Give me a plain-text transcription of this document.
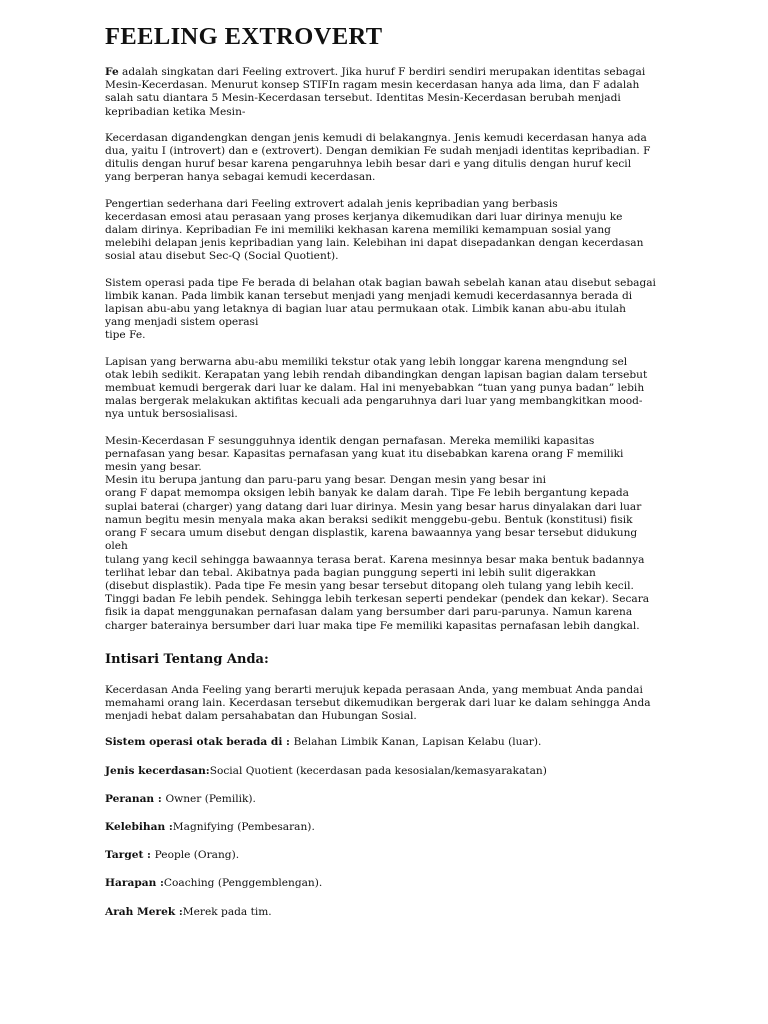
FEELING EXTROVERT
Fe adalah singkatan dari Feeling extrovert. Jika huruf F berdiri sendiri merupakan identitas sebagai
Mesin-Kecerdasan. Menurut konsep STIFIn ragam mesin kecerdasan hanya ada lima, dan F adalah
salah satu diantara 5 Mesin-Kecerdasan tersebut. Identitas Mesin-Kecerdasan berubah menjadi
kepribadian ketika Mesin-
Kecerdasan digandengkan dengan jenis kemudi di belakangnya. Jenis kemudi kecerdasan hanya ada
dua, yaitu I (introvert) dan e (extrovert). Dengan demikian Fe sudah menjadi identitas kepribadian. F
ditulis dengan huruf besar karena pengaruhnya lebih besar dari e yang ditulis dengan huruf kecil
yang berperan hanya sebagai kemudi kecerdasan.
Pengertian sederhana dari Feeling extrovert adalah jenis kepribadian yang berbasis
kecerdasan emosi atau perasaan yang proses kerjanya dikemudikan dari luar dirinya menuju ke
dalam dirinya. Kepribadian Fe ini memiliki kekhasan karena memiliki kemampuan sosial yang
melebihi delapan jenis kepribadian yang lain. Kelebihan ini dapat disepadankan dengan kecerdasan
sosial atau disebut Sec-Q (Social Quotient).
Sistem operasi pada tipe Fe berada di belahan otak bagian bawah sebelah kanan atau disebut sebagai
limbik kanan. Pada limbik kanan tersebut menjadi yang menjadi kemudi kecerdasannya berada di
lapisan abu-abu yang letaknya di bagian luar atau permukaan otak. Limbik kanan abu-abu itulah
yang menjadi sistem operasi
tipe Fe.
Lapisan yang berwarna abu-abu memiliki tekstur otak yang lebih longgar karena mengndung sel
otak lebih sedikit. Kerapatan yang lebih rendah dibandingkan dengan lapisan bagian dalam tersebut
membuat kemudi bergerak dari luar ke dalam. Hal ini menyebabkan “tuan yang punya badan” lebih
malas bergerak melakukan aktifitas kecuali ada pengaruhnya dari luar yang membangkitkan mood-
nya untuk bersosialisasi.
Mesin-Kecerdasan F sesungguhnya identik dengan pernafasan. Mereka memiliki kapasitas
pernafasan yang besar. Kapasitas pernafasan yang kuat itu disebabkan karena orang F memiliki
mesin yang besar.
Mesin itu berupa jantung dan paru-paru yang besar. Dengan mesin yang besar ini
orang F dapat memompa oksigen lebih banyak ke dalam darah. Tipe Fe lebih bergantung kepada
suplai baterai (charger) yang datang dari luar dirinya. Mesin yang besar harus dinyalakan dari luar
namun begitu mesin menyala maka akan beraksi sedikit menggebu-gebu. Bentuk (konstitusi) fisik
orang F secara umum disebut dengan displastik, karena bawaannya yang besar tersebut didukung
oleh
tulang yang kecil sehingga bawaannya terasa berat. Karena mesinnya besar maka bentuk badannya
terlihat lebar dan tebal. Akibatnya pada bagian punggung seperti ini lebih sulit digerakkan
(disebut displastik). Pada tipe Fe mesin yang besar tersebut ditopang oleh tulang yang lebih kecil.
Tinggi badan Fe lebih pendek. Sehingga lebih terkesan seperti pendekar (pendek dan kekar). Secara
fisik ia dapat menggunakan pernafasan dalam yang bersumber dari paru-parunya. Namun karena
charger baterainya bersumber dari luar maka tipe Fe memiliki kapasitas pernafasan lebih dangkal.
Intisari Tentang Anda:
Kecerdasan Anda Feeling yang berarti merujuk kepada perasaan Anda, yang membuat Anda pandai
memahami orang lain. Kecerdasan tersebut dikemudikan bergerak dari luar ke dalam sehingga Anda
menjadi hebat dalam persahabatan dan Hubungan Sosial.
Sistem operasi otak berada di : Belahan Limbik Kanan, Lapisan Kelabu (luar).
Jenis kecerdasan:Social Quotient (kecerdasan pada kesosialan/kemasyarakatan)
Peranan : Owner (Pemilik).
Kelebihan :Magnifying (Pembesaran).
Target : People (Orang).
Harapan :Coaching (Penggemblengan).
Arah Merek :Merek pada tim.
